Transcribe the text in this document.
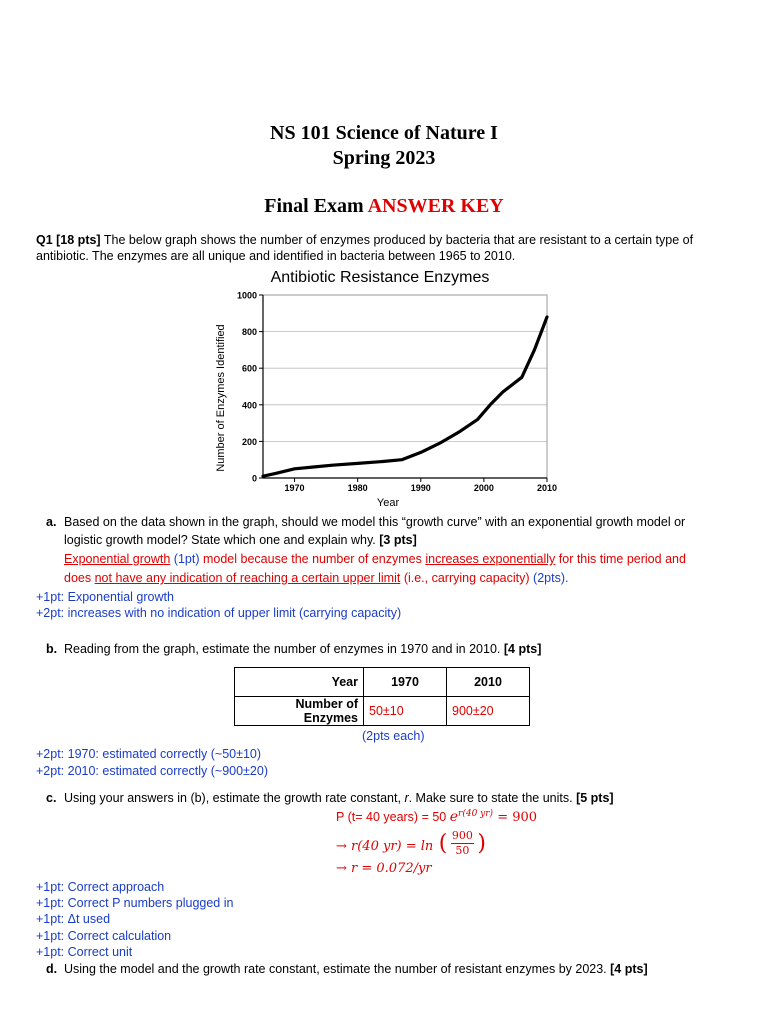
NS 101 Science of Nature I
Spring 2023
Final Exam ANSWER KEY
Q1 [18 pts] The below graph shows the number of enzymes produced by bacteria that are resistant to a certain type of
antibiotic. The enzymes are all unique and identified in bacteria between 1965 to 2010.
Antibiotic Resistance Enzymes
0
200
400
600
800
1000
1970	1980	1990	2000	2010
Year
Number of Enzymes Identified
a. Based on the data shown in the graph, should we model this “growth curve” with an exponential growth model or
logistic growth model? State which one and explain why. [3 pts]
Exponential growth (1pt) model because the number of enzymes increases exponentially for this time period and
does not have any indication of reaching a certain upper limit (i.e., carrying capacity) (2pts).
+1pt: Exponential growth
+2pt: increases with no indication of upper limit (carrying capacity)
b. Reading from the graph, estimate the number of enzymes in 1970 and in 2010. [4 pts]
Year	1970	2010
Number of Enzymes	50±10	900±20
(2pts each)
+2pt: 1970: estimated correctly (~50±10)
+2pt: 2010: estimated correctly (~900±20)
c. Using your answers in (b), estimate the growth rate constant, r. Make sure to state the units. [5 pts]
P (t= 40 years) = 50 $e^{r(40 yr)} = 900$
→ r(40 yr) = ln ( $\frac{900}{50}$ )
→ r = 0.072/yr
+1pt: Correct approach
+1pt: Correct P numbers plugged in
+1pt: Δt used
+1pt: Correct calculation
+1pt: Correct unit
d. Using the model and the growth rate constant, estimate the number of resistant enzymes by 2023. [4 pts]
